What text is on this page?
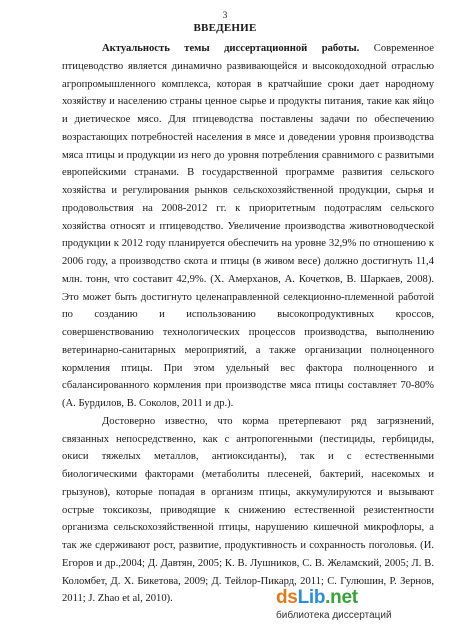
3
ВВЕДЕНИЕ

Актуальность темы диссертационной работы. Современное птицеводство является динамично развивающейся и высокодоходной отраслью агропромышленного комплекса, которая в кратчайшие сроки дает народному хозяйству и населению страны ценное сырье и продукты питания, такие как яйцо и диетическое мясо. Для птицеводства поставлены задачи по обеспечению возрастающих потребностей населения в мясе и доведении уровня производства мяса птицы и продукции из него до уровня потребления сравнимого с развитыми европейскими странами. В государственной программе развития сельского хозяйства и регулирования рынков сельскохозяйственной продукции, сырья и продовольствия на 2008-2012 гг. к приоритетным подотраслям сельского хозяйства относят и птицеводство. Увеличение производства животноводческой продукции к 2012 году планируется обеспечить на уровне 32,9% по отношению к 2006 году, а производство скота и птицы (в живом весе) должно достигнуть 11,4 млн. тонн, что составит 42,9%. (Х. Амерханов, А. Кочетков, В. Шаркаев, 2008). Это может быть достигнуто целенаправленной селекционно-племенной работой по созданию и использованию высокопродуктивных кроссов, совершенствованию технологических процессов производства, выполнению ветеринарно-санитарных мероприятий, а также организации полноценного кормления птицы. При этом удельный вес фактора полноценного и сбалансированного кормления при производстве мяса птицы составляет 70-80% (А. Бурдилов, В. Соколов, 2011 и др.).

Достоверно известно, что корма претерпевают ряд загрязнений, связанных непосредственно, как с антропогенными (пестициды, гербициды, окиси тяжелых металлов, антиоксиданты), так и с естественными биологическими факторами (метаболиты плесеней, бактерий, насекомых и грызунов), которые попадая в организм птицы, аккумулируются и вызывают острые токсикозы, приводящие к снижению естественной резистентности организма сельскохозяйственной птицы, нарушению кишечной микрофлоры, а так же сдерживают рост, развитие, продуктивность и сохранность поголовья. (И. Егоров и др.,2004; Д. Давтян, 2005; К. В. Лушников, С. В. Желамский, 2005; Л. В. Коломбет, Д. Х. Бикетова, 2009; Д. Тейлор-Пикард, 2011; С. Гулюшин, Р. Зернов, 2011; J. Zhao et al, 2010).	dsLib.net
библиотека диссертаций
